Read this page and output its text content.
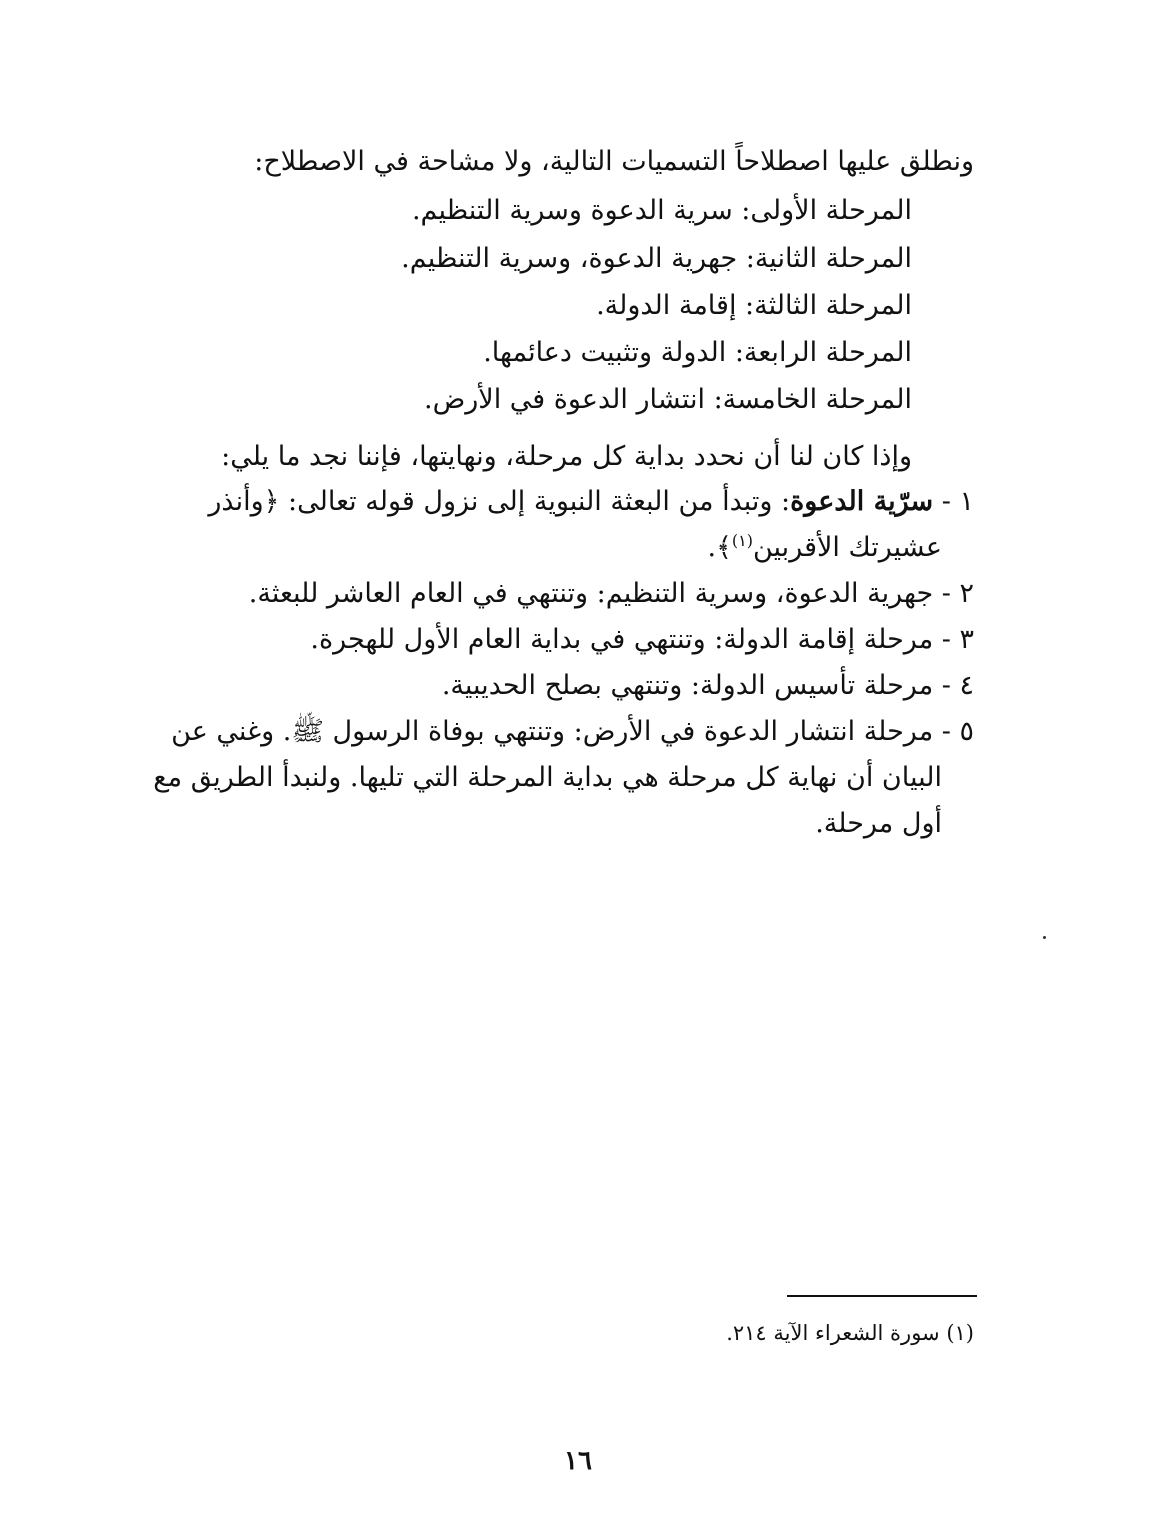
ونطلق عليها اصطلاحاً التسميات التالية، ولا مشاحة في الاصطلاح:
المرحلة الأولى: سرية الدعوة وسرية التنظيم.
المرحلة الثانية: جهرية الدعوة، وسرية التنظيم.
المرحلة الثالثة: إقامة الدولة.
المرحلة الرابعة: الدولة وتثبيت دعائمها.
المرحلة الخامسة: انتشار الدعوة في الأرض.
وإذا كان لنا أن نحدد بداية كل مرحلة، ونهايتها، فإننا نجد ما يلي:
١ - سرّية الدعوة: وتبدأ من البعثة النبوية إلى نزول قوله تعالى: ﴿وأنذر
عشيرتك الأقربين$^{(١)}$﴾.
٢ - جهرية الدعوة، وسرية التنظيم: وتنتهي في العام العاشر للبعثة.
٣ - مرحلة إقامة الدولة: وتنتهي في بداية العام الأول للهجرة.
٤ - مرحلة تأسيس الدولة: وتنتهي بصلح الحديبية.
٥ - مرحلة انتشار الدعوة في الأرض: وتنتهي بوفاة الرسول ﷺ. وغني عن
البيان أن نهاية كل مرحلة هي بداية المرحلة التي تليها. ولنبدأ الطريق مع
أول مرحلة.
(١) سورة الشعراء الآية ٢١٤.
١٦
